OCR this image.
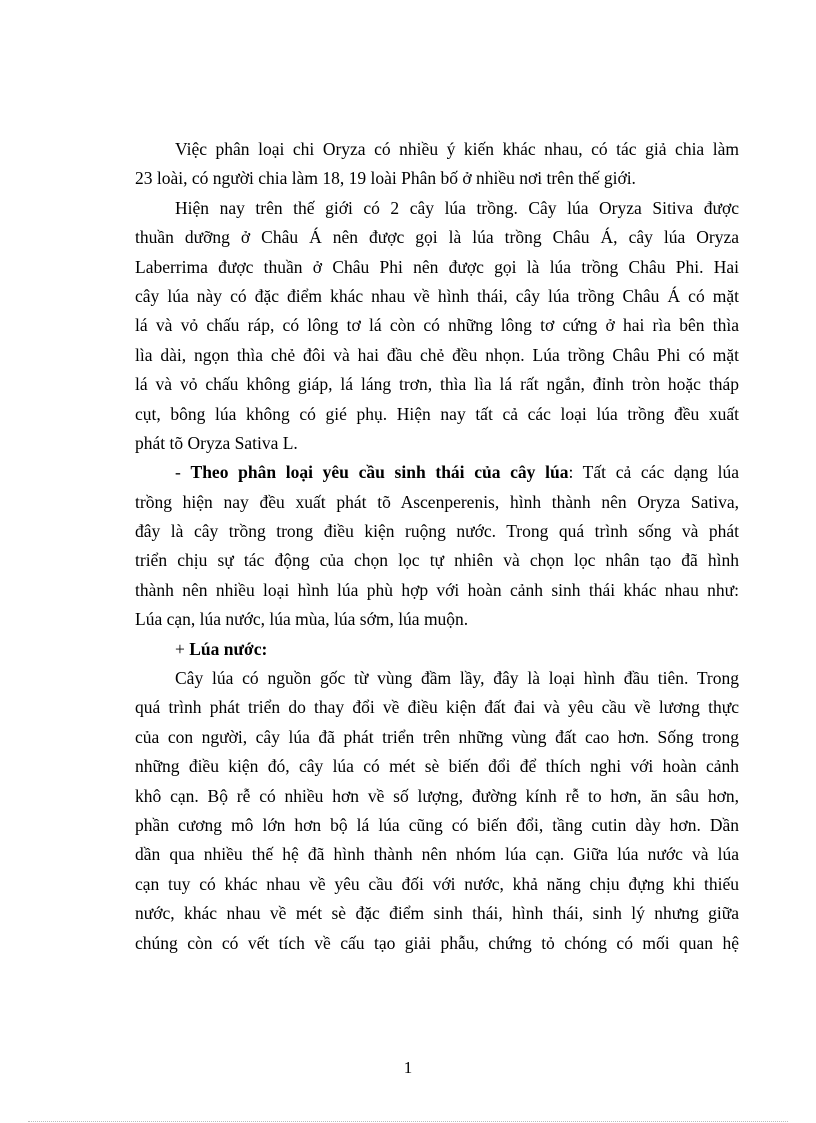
Việc phân loại chi Oryza có nhiều ý kiến khác nhau, có tác giả chia làm
23 loài, có người chia làm 18, 19 loài Phân bố ở nhiều nơi trên thế giới.
Hiện nay trên thế giới có 2 cây lúa trồng. Cây lúa Oryza Sitiva được
thuần dưỡng ở Châu Á nên được gọi là lúa trồng Châu Á, cây lúa Oryza
Laberrima được thuần ở Châu Phi nên được gọi là lúa trồng Châu Phi. Hai
cây lúa này có đặc điểm khác nhau về hình thái, cây lúa trồng Châu Á có mặt
lá và vỏ chấu ráp, có lông tơ lá còn có những lông tơ cứng ở hai rìa bên thìa
lìa dài, ngọn thìa chẻ đôi và hai đầu chẻ đều nhọn. Lúa trồng Châu Phi có mặt
lá và vỏ chấu không giáp, lá láng trơn, thìa lìa lá rất ngắn, đỉnh tròn hoặc tháp
cụt, bông lúa không có gié phụ. Hiện nay tất cả các loại lúa trồng đều xuất
phát tõ Oryza Sativa L.
- Theo phân loại yêu cầu sinh thái của cây lúa: Tất cả các dạng lúa
trồng hiện nay đều xuất phát tõ Ascenperenis, hình thành nên Oryza Sativa,
đây là cây trồng trong điều kiện ruộng nước. Trong quá trình sống và phát
triển chịu sự tác động của chọn lọc tự nhiên và chọn lọc nhân tạo đã hình
thành nên nhiều loại hình lúa phù hợp với hoàn cảnh sinh thái khác nhau như:
Lúa cạn, lúa nước, lúa mùa, lúa sớm, lúa muộn.
+ Lúa nước:
Cây lúa có nguồn gốc từ vùng đầm lầy, đây là loại hình đầu tiên. Trong
quá trình phát triển do thay đổi về điều kiện đất đai và yêu cầu về lương thực
của con người, cây lúa đã phát triển trên những vùng đất cao hơn. Sống trong
những điều kiện đó, cây lúa có mét sè biến đổi để thích nghi với hoàn cảnh
khô cạn. Bộ rễ có nhiều hơn về số lượng, đường kính rễ to hơn, ăn sâu hơn,
phần cương mô lớn hơn bộ lá lúa cũng có biến đổi, tầng cutin dày hơn. Dần
dần qua nhiều thế hệ đã hình thành nên nhóm lúa cạn. Giữa lúa nước và lúa
cạn tuy có khác nhau về yêu cầu đối với nước, khả năng chịu đựng khi thiếu
nước, khác nhau về mét sè đặc điểm sinh thái, hình thái, sinh lý nhưng giữa
chúng còn có vết tích về cấu tạo giải phẫu, chứng tỏ chóng có mối quan hệ
1
